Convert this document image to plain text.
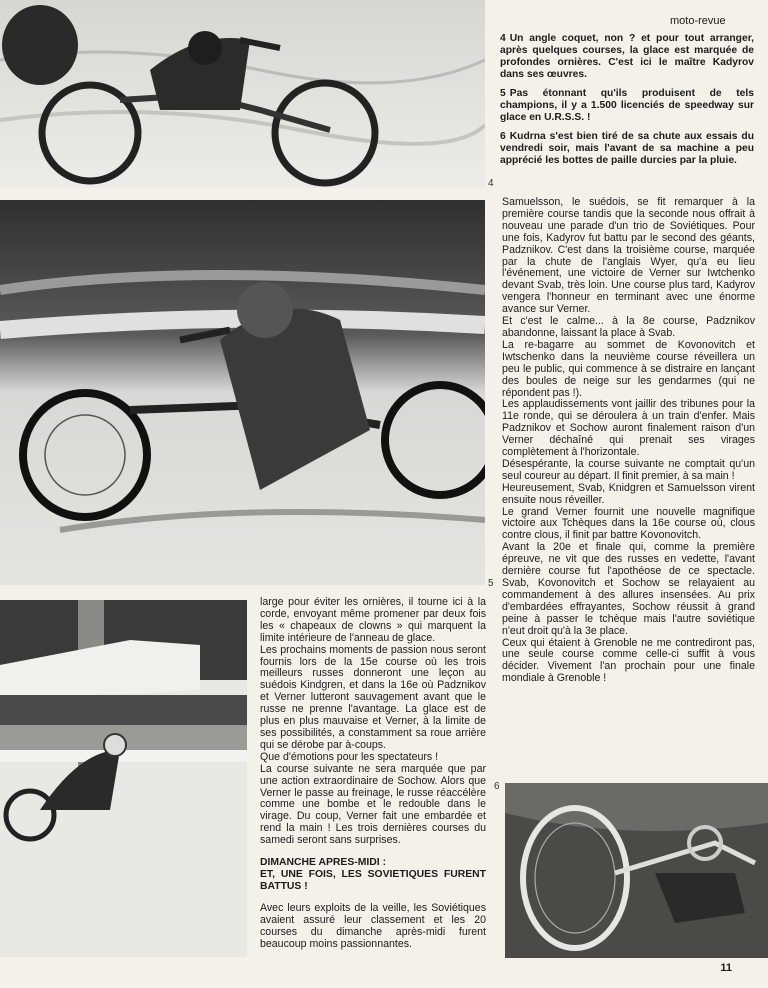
moto-revue
4
5
6

4 Un angle coquet, non ? et pour tout arranger, après quelques courses, la glace est marquée de profondes ornières. C'est ici le maître Kadyrov dans ses œuvres.

5 Pas étonnant qu'ils produisent de tels champions, il y a 1.500 licenciés de speedway sur glace en U.R.S.S. !

6 Kudrna s'est bien tiré de sa chute aux essais du vendredi soir, mais l'avant de sa machine a peu apprécié les bottes de paille durcies par la pluie.

Samuelsson, le suédois, se fit remarquer à la première course tandis que la seconde nous offrait à nouveau une parade d'un trio de Soviétiques. Pour une fois, Kadyrov fut battu par le second des géants, Padznikov. C'est dans la troisième course, marquée par la chute de l'anglais Wyer, qu'a eu lieu l'événement, une victoire de Verner sur Iwtchenko devant Svab, très loin. Une course plus tard, Kadyrov vengera l'honneur en terminant avec une énorme avance sur Verner.

Et c'est le calme... à la 8e course, Padznikov abandonne, laissant la place à Svab.

La re-bagarre au sommet de Kovonovitch et Iwtschenko dans la neuvième course réveillera un peu le public, qui commence à se distraire en lançant des boules de neige sur les gendarmes (qui ne répondent pas !).

Les applaudissements vont jaillir des tribunes pour la 11e ronde, qui se déroulera à un train d'enfer. Mais Padznikov et Sochow auront finalement raison d'un Verner déchaîné qui prenait ses virages complètement à l'horizontale.

Désespérante, la course suivante ne comptait qu'un seul coureur au départ. Il finit premier, à sa main !

Heureusement, Svab, Knidgren et Samuelsson virent ensuite nous réveiller.

Le grand Verner fournit une nouvelle magnifique victoire aux Tchèques dans la 16e course où, clous contre clous, il finit par battre Kovonovitch.

Avant la 20e et finale qui, comme la première épreuve, ne vit que des russes en vedette, l'avant dernière course fut l'apothéose de ce spectacle. Svab, Kovonovitch et Sochow se relayaient au commandement à des allures insensées. Au prix d'embardées effrayantes, Sochow réussit à grand peine à passer le tchèque mais l'autre soviétique n'eut droit qu'à la 3e place.

Ceux qui étaient à Grenoble ne me contrediront pas, une seule course comme celle-ci suffit à vous décider. Vivement l'an prochain pour une finale mondiale à Grenoble !

large pour éviter les ornières, il tourne ici à la corde, envoyant même promener par deux fois les « chapeaux de clowns » qui marquent la limite intérieure de l'anneau de glace.

Les prochains moments de passion nous seront fournis lors de la 15e course où les trois meilleurs russes donneront une leçon au suédois Kindgren, et dans la 16e où Padznikov et Verner lutteront sauvagement avant que le russe ne prenne l'avantage. La glace est de plus en plus mauvaise et Verner, à la limite de ses possibilités, a constamment sa roue arrière qui se dérobe par à-coups.

Que d'émotions pour les spectateurs !

La course suivante ne sera marquée que par une action extraordinaire de Sochow. Alors que Verner le passe au freinage, le russe réaccélère comme une bombe et le redouble dans le virage. Du coup, Verner fait une embardée et rend la main ! Les trois dernières courses du samedi seront sans surprises.

DIMANCHE APRES-MIDI :
ET, UNE FOIS, LES SOVIETIQUES FURENT BATTUS !

Avec leurs exploits de la veille, les Soviétiques avaient assuré leur classement et les 20 courses du dimanche après-midi furent beaucoup moins passionnantes.

11
